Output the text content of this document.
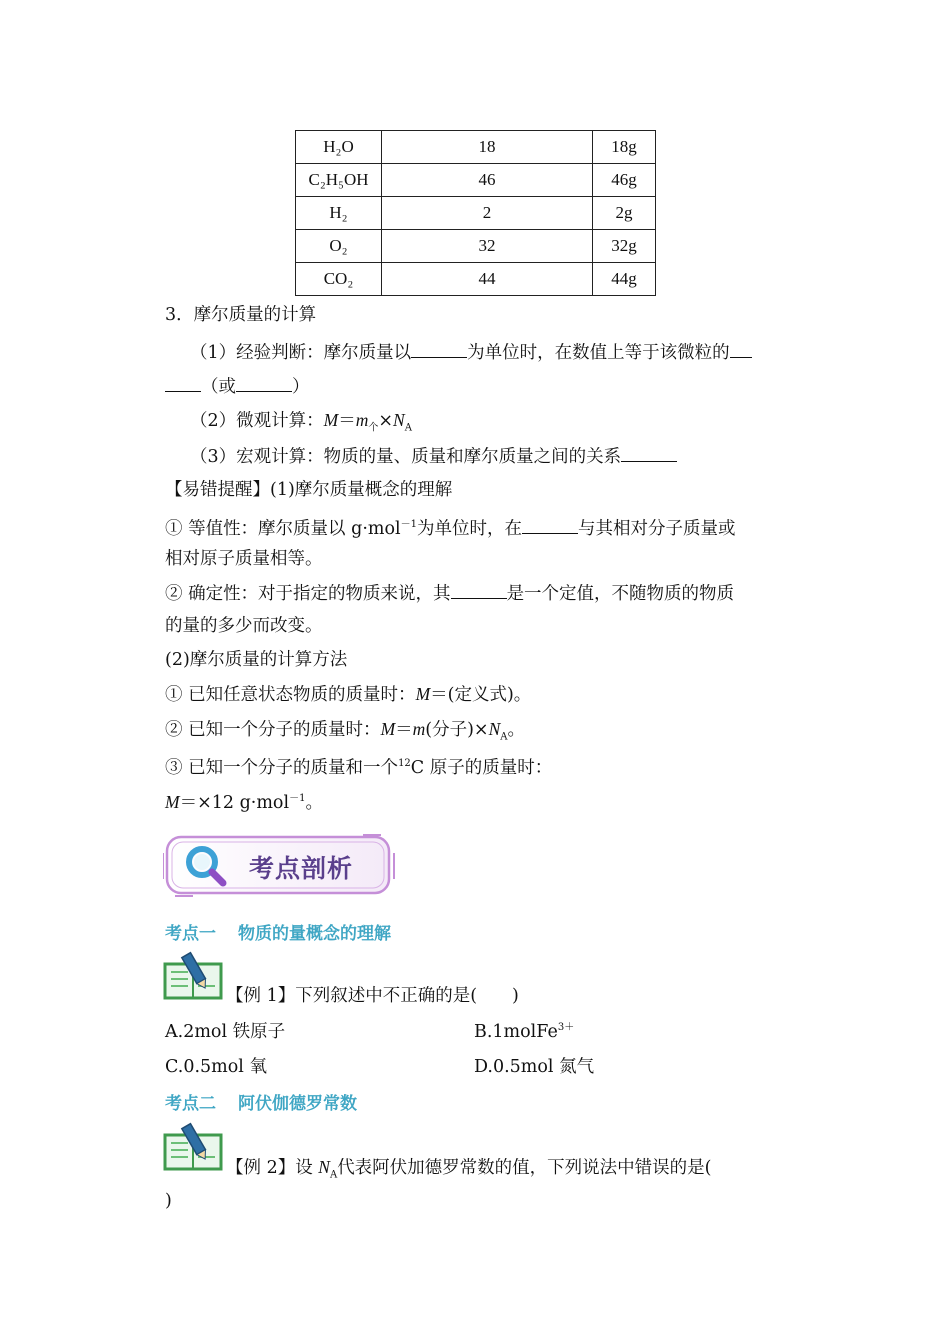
H₂O	18	18g
C₂H₅OH	46	46g
H₂	2	2g
O₂	32	32g
CO₂	44	44g
3．摩尔质量的计算
（1）经验判断：摩尔质量以	为单位时，在数值上等于该微粒的
（或	）
（2）微观计算：$M=m_个\times N_A$
（3）宏观计算：物质的量、质量和摩尔质量之间的关系
【易错提醒】(1)摩尔质量概念的理解
① 等值性：摩尔质量以 g·mol$^{-1}$为单位时，在	与其相对分子质量或
相对原子质量相等。
② 确定性：对于指定的物质来说，其	是一个定值，不随物质的物质
的量的多少而改变。
(2)摩尔质量的计算方法
① 已知任意状态物质的质量时：M＝(定义式)。
② 已知一个分子的质量时：M＝m(分子)$\times N_A$。
③ 已知一个分子的质量和一个$^{12}$C 原子的质量时：
M＝×12 g·mol$^{-1}$。
考点剖析
考点一 物质的量概念的理解
【例 1】下列叙述中不正确的是(　　)
A.2mol 铁原子	B.1molFe$^{3+}$
C.0.5mol 氧	D.0.5mol 氮气
考点二 阿伏伽德罗常数
【例 2】设 $N_A$代表阿伏加德罗常数的值，下列说法中错误的是(
)
